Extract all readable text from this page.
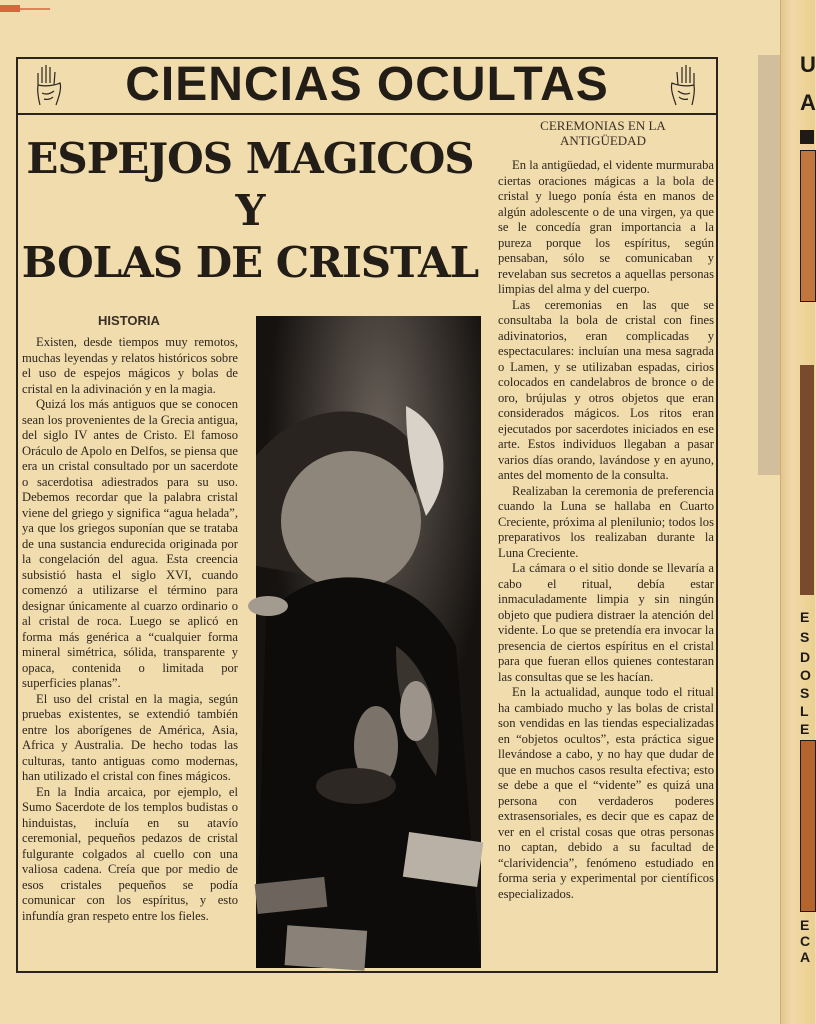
U
A
E
S
D
O
S
L
E
E
C
A
CIENCIAS OCULTAS
ESPEJOS MAGICOS
Y
BOLAS DE CRISTAL
HISTORIA

Existen, desde tiempos muy remotos, muchas leyendas y relatos históricos sobre el uso de espejos mágicos y bolas de cristal en la adivinación y en la magia.

Quizá los más antiguos que se conocen sean los provenientes de la Grecia antigua, del siglo IV antes de Cristo. El famoso Oráculo de Apolo en Delfos, se piensa que era un cristal consultado por un sacerdote o sacerdotisa adiestrados para su uso. Debemos recordar que la palabra cristal viene del griego y significa “agua helada”, ya que los griegos suponían que se trataba de una sustancia endurecida originada por la congelación del agua. Esta creencia subsistió hasta el siglo XVI, cuando comenzó a utilizarse el término para designar únicamente al cuarzo ordinario o al cristal de roca. Luego se aplicó en forma más genérica a “cualquier forma mineral simétrica, sólida, transparente y opaca, contenida o limitada por superficies planas”.

El uso del cristal en la magia, según pruebas existentes, se extendió también entre los aborígenes de América, Asia, Africa y Australia. De hecho todas las culturas, tanto antiguas como modernas, han utilizado el cristal con fines mágicos.

En la India arcaica, por ejemplo, el Sumo Sacerdote de los templos budistas o hinduistas, incluía en su atavío ceremonial, pequeños pedazos de cristal fulgurante colgados al cuello con una valiosa cadena. Creía que por medio de esos cristales pequeños se podía comunicar con los espíritus, y esto infundía gran respeto entre los fieles.

CEREMONIAS EN LA
ANTIGÜEDAD

En la antigüedad, el vidente murmuraba ciertas oraciones mágicas a la bola de cristal y luego ponía ésta en manos de algún adolescente o de una virgen, ya que se le concedía gran importancia a la pureza porque los espíritus, según pensaban, sólo se comunicaban y revelaban sus secretos a aquellas personas limpias del alma y del cuerpo.

Las ceremonias en las que se consultaba la bola de cristal con fines adivinatorios, eran complicadas y espectaculares: incluían una mesa sagrada o Lamen, y se utilizaban espadas, cirios colocados en candelabros de bronce o de oro, brújulas y otros objetos que eran considerados mágicos. Los ritos eran ejecutados por sacerdotes iniciados en ese arte. Estos individuos llegaban a pasar varios días orando, lavándose y en ayuno, antes del momento de la consulta.

Realizaban la ceremonia de preferencia cuando la Luna se hallaba en Cuarto Creciente, próxima al plenilunio; todos los preparativos los realizaban durante la Luna Creciente.

La cámara o el sitio donde se llevaría a cabo el ritual, debía estar inmaculadamente limpia y sin ningún objeto que pudiera distraer la atención del vidente. Lo que se pretendía era invocar la presencia de ciertos espíritus en el cristal para que fueran ellos quienes contestaran las consultas que se les hacían.

En la actualidad, aunque todo el ritual ha cambiado mucho y las bolas de cristal son vendidas en las tiendas especializadas en “objetos ocultos”, esta práctica sigue llevándose a cabo, y no hay que dudar de que en muchos casos resulta efectiva; esto se debe a que el “vidente” es quizá una persona con verdaderos poderes extrasensoriales, es decir que es capaz de ver en el cristal cosas que otras personas no captan, debido a su facultad de “clarividencia”, fenómeno estudiado en forma seria y experimental por científicos especializados.
